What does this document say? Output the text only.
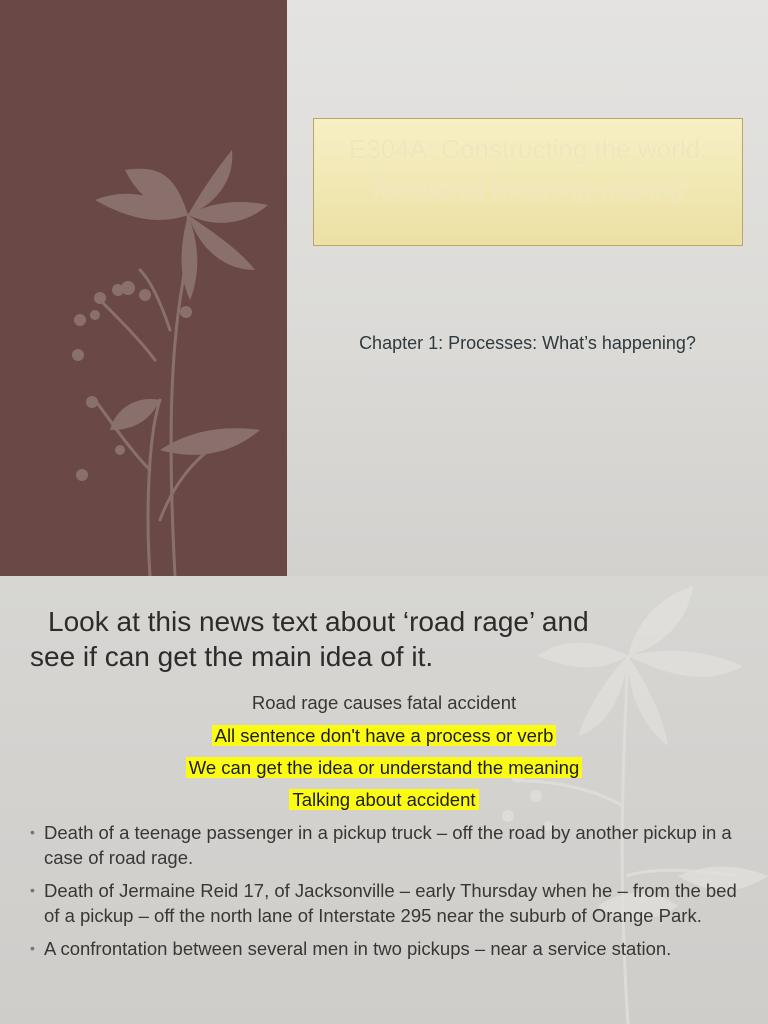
E304A: Constructing the world: Ideational meaning-making
Chapter 1: Processes: What’s happening?
Look at this news text about ‘road rage’ and
see if can get the main idea of it.
Road rage causes fatal accident
All sentence don't have a process or verb
We can get the idea or understand the meaning
Talking about accident
• Death of a teenage passenger in a pickup truck – off the road by another pickup in a case of road rage.
• Death of Jermaine Reid 17, of Jacksonville – early Thursday when he – from the bed of a pickup – off the north lane of Interstate 295 near the suburb of Orange Park.
• A confrontation between several men in two pickups – near a service station.
